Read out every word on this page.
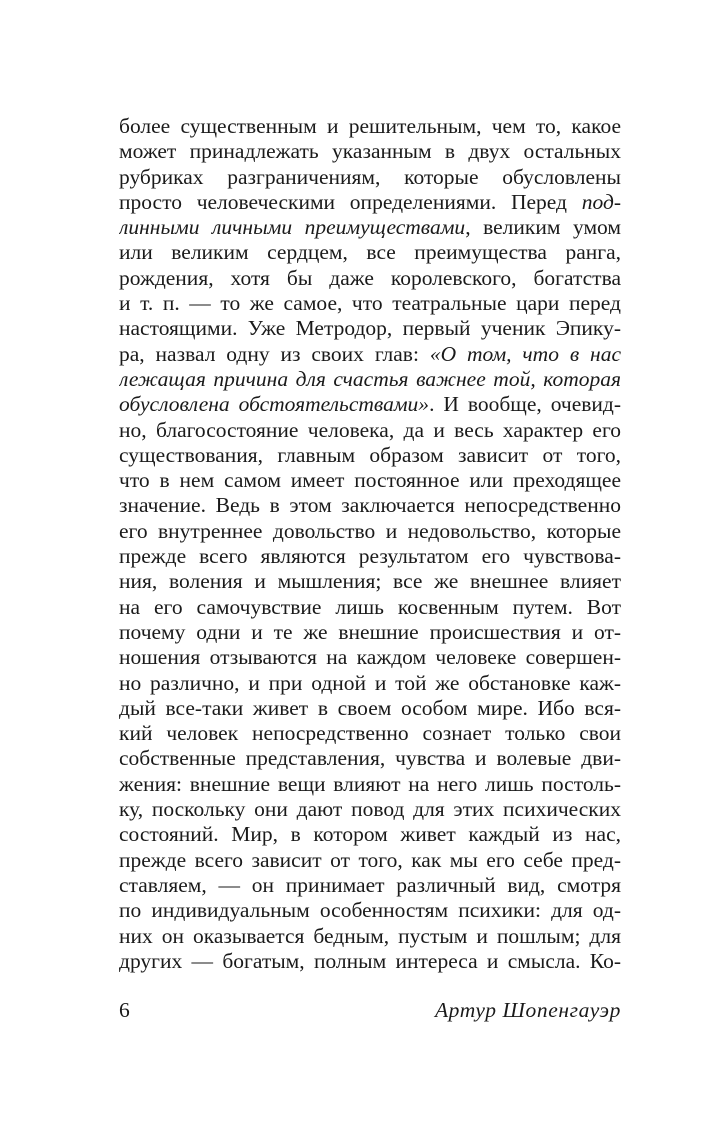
более существенным и решительным, чем то, какое
может принадлежать указанным в двух остальных
рубриках разграничениям, которые обусловлены
просто человеческими определениями. Перед под-
линными личными преимуществами, великим умом
или великим сердцем, все преимущества ранга,
рождения, хотя бы даже королевского, богатства
и т. п. — то же самое, что театральные цари перед
настоящими. Уже Метродор, первый ученик Эпику-
ра, назвал одну из своих глав: «О том, что в нас
лежащая причина для счастья важнее той, которая
обусловлена обстоятельствами». И вообще, очевид-
но, благосостояние человека, да и весь характер его
существования, главным образом зависит от того,
что в нем самом имеет постоянное или преходящее
значение. Ведь в этом заключается непосредственно
его внутреннее довольство и недовольство, которые
прежде всего являются результатом его чувствова-
ния, воления и мышления; все же внешнее влияет
на его самочувствие лишь косвенным путем. Вот
почему одни и те же внешние происшествия и от-
ношения отзываются на каждом человеке совершен-
но различно, и при одной и той же обстановке каж-
дый все-таки живет в своем особом мире. Ибо вся-
кий человек непосредственно сознает только свои
собственные представления, чувства и волевые дви-
жения: внешние вещи влияют на него лишь постоль-
ку, поскольку они дают повод для этих психических
состояний. Мир, в котором живет каждый из нас,
прежде всего зависит от того, как мы его себе пред-
ставляем, — он принимает различный вид, смотря
по индивидуальным особенностям психики: для од-
них он оказывается бедным, пустым и пошлым; для
других — богатым, полным интереса и смысла. Ко-
6	Артур Шопенгауэр
